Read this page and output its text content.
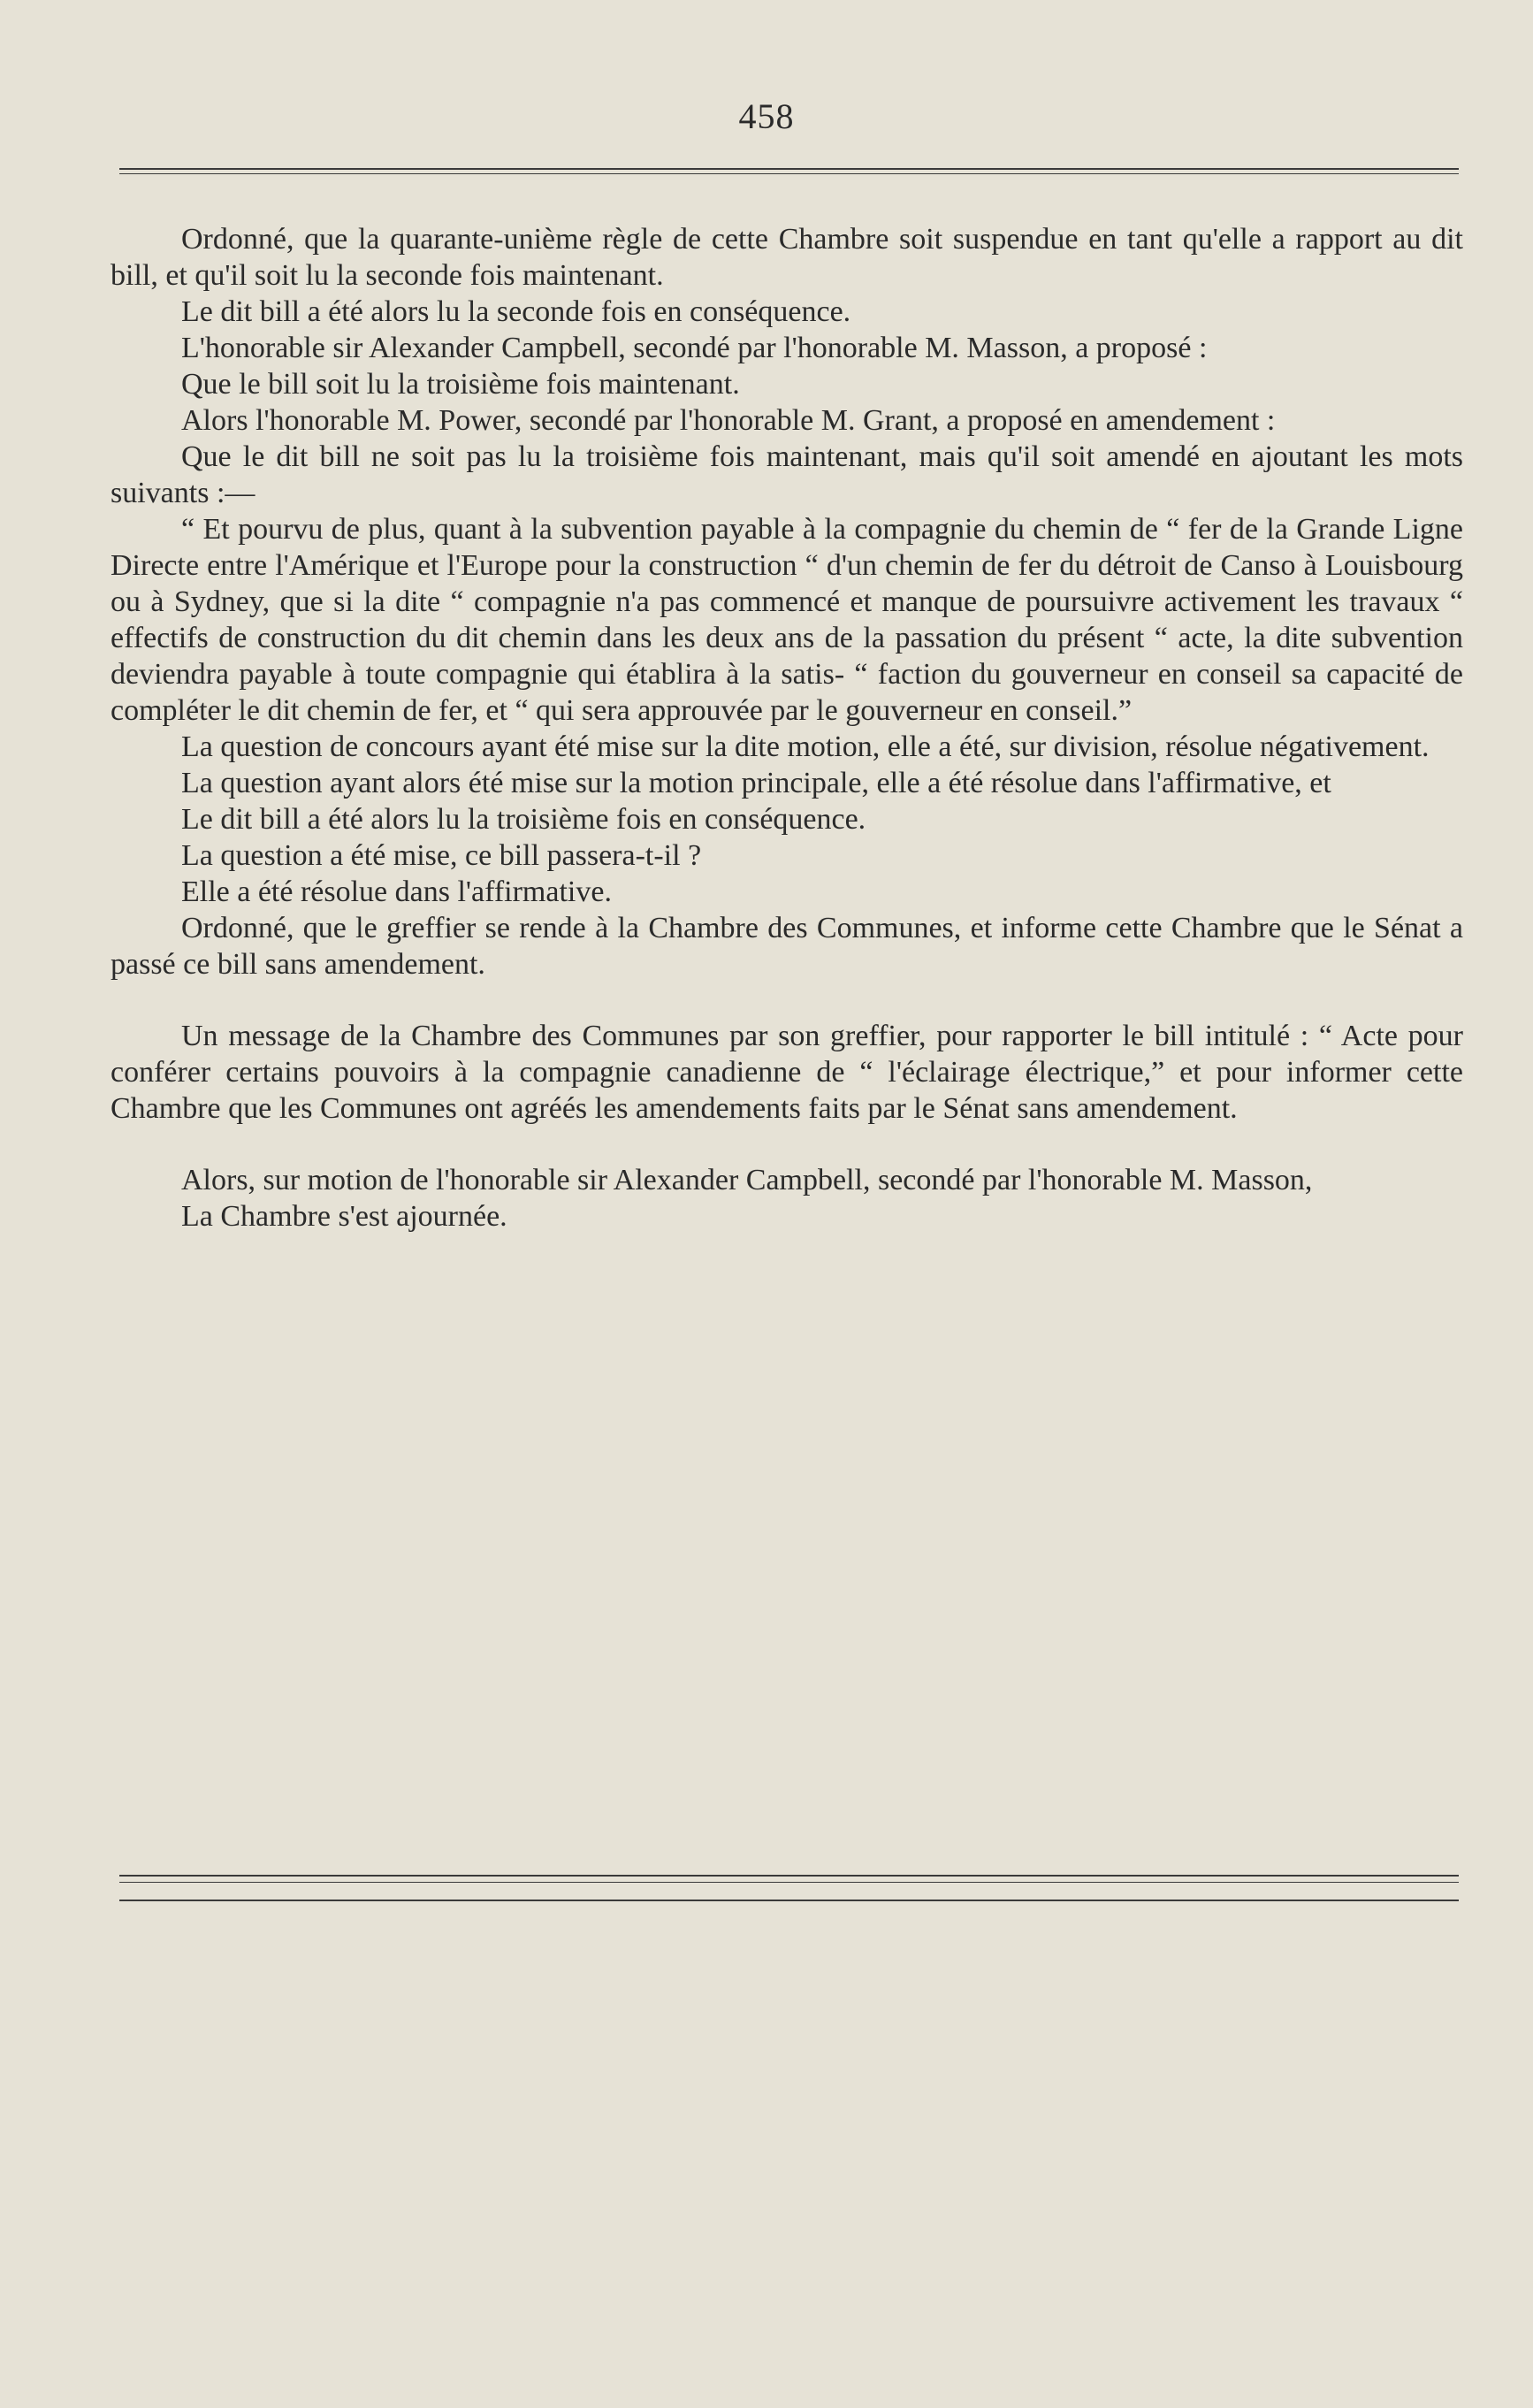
458

Ordonné, que la quarante-unième règle de cette Chambre soit suspendue en tant qu'elle a rapport au dit bill, et qu'il soit lu la seconde fois maintenant.

Le dit bill a été alors lu la seconde fois en conséquence.

L'honorable sir Alexander Campbell, secondé par l'honorable M. Masson, a proposé :

Que le bill soit lu la troisième fois maintenant.

Alors l'honorable M. Power, secondé par l'honorable M. Grant, a proposé en amendement :

Que le dit bill ne soit pas lu la troisième fois maintenant, mais qu'il soit amendé en ajoutant les mots suivants :—

“ Et pourvu de plus, quant à la subvention payable à la compagnie du chemin de “ fer de la Grande Ligne Directe entre l'Amérique et l'Europe pour la construction “ d'un chemin de fer du détroit de Canso à Louisbourg ou à Sydney, que si la dite “ compagnie n'a pas commencé et manque de poursuivre activement les travaux “ effectifs de construction du dit chemin dans les deux ans de la passation du présent “ acte, la dite subvention deviendra payable à toute compagnie qui établira à la satis- “ faction du gouverneur en conseil sa capacité de compléter le dit chemin de fer, et “ qui sera approuvée par le gouverneur en conseil.”

La question de concours ayant été mise sur la dite motion, elle a été, sur division, résolue négativement.

La question ayant alors été mise sur la motion principale, elle a été résolue dans l'affirmative, et

Le dit bill a été alors lu la troisième fois en conséquence.

La question a été mise, ce bill passera-t-il ?

Elle a été résolue dans l'affirmative.

Ordonné, que le greffier se rende à la Chambre des Communes, et informe cette Chambre que le Sénat a passé ce bill sans amendement.

Un message de la Chambre des Communes par son greffier, pour rapporter le bill intitulé : “ Acte pour conférer certains pouvoirs à la compagnie canadienne de “ l'éclairage électrique,” et pour informer cette Chambre que les Communes ont agréés les amendements faits par le Sénat sans amendement.

Alors, sur motion de l'honorable sir Alexander Campbell, secondé par l'honorable M. Masson,

La Chambre s'est ajournée.
